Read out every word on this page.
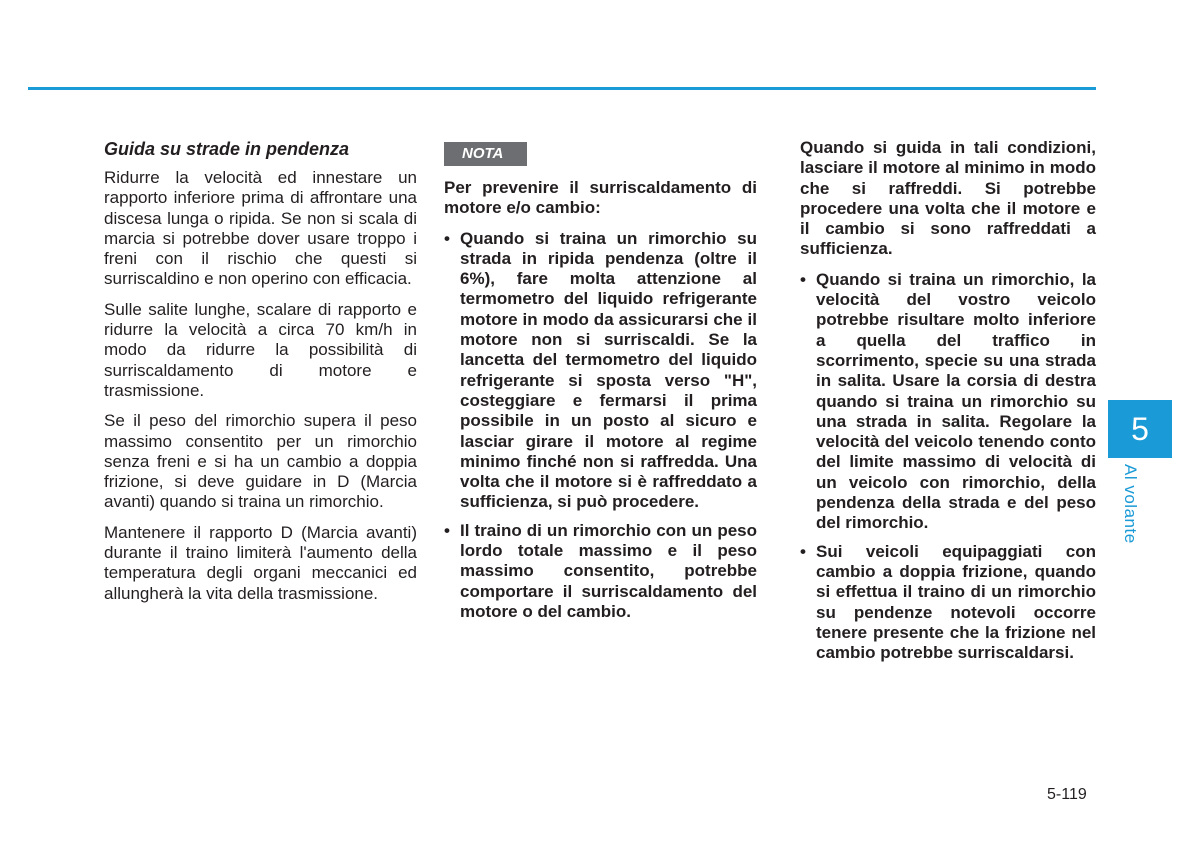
Guida su strade in pendenza

Ridurre la velocità ed innestare un rapporto inferiore prima di affrontare una discesa lunga o ripida. Se non si scala di marcia si potrebbe dover usare troppo i freni con il rischio che questi si surriscaldino e non operino con efficacia.

Sulle salite lunghe, scalare di rapporto e ridurre la velocità a circa 70 km/h in modo da ridurre la possibilità di surriscaldamento di motore e trasmissione.

Se il peso del rimorchio supera il peso massimo consentito per un rimorchio senza freni e si ha un cambio a doppia frizione, si deve guidare in D (Marcia avanti) quando si traina un rimorchio.

Mantenere il rapporto D (Marcia avanti) durante il traino limiterà l'aumento della temperatura degli organi meccanici ed allungherà la vita della trasmissione.

NOTA

Per prevenire il surriscaldamento di motore e/o cambio:

• Quando si traina un rimorchio su strada in ripida pendenza (oltre il 6%), fare molta attenzione al termometro del liquido refrigerante motore in modo da assicurarsi che il motore non si surriscaldi. Se la lancetta del termometro del liquido refrigerante si sposta verso "H", costeggiare e fermarsi il prima possibile in un posto al sicuro e lasciar girare il motore al regime minimo finché non si raffredda. Una volta che il motore si è raffreddato a sufficienza, si può procedere.
• Il traino di un rimorchio con un peso lordo totale massimo e il peso massimo consentito, potrebbe comportare il surriscaldamento del motore o del cambio.

Quando si guida in tali condizioni, lasciare il motore al minimo in modo che si raffreddi. Si potrebbe procedere una volta che il motore e il cambio si sono raffreddati a sufficienza.

• Quando si traina un rimorchio, la velocità del vostro veicolo potrebbe risultare molto inferiore a quella del traffico in scorrimento, specie su una strada in salita. Usare la corsia di destra quando si traina un rimorchio su una strada in salita. Regolare la velocità del veicolo tenendo conto del limite massimo di velocità di un veicolo con rimorchio, della pendenza della strada e del peso del rimorchio.
• Sui veicoli equipaggiati con cambio a doppia frizione, quando si effettua il traino di un rimorchio su pendenze notevoli occorre tenere presente che la frizione nel cambio potrebbe surriscaldarsi.
5
Al volante
5-119
